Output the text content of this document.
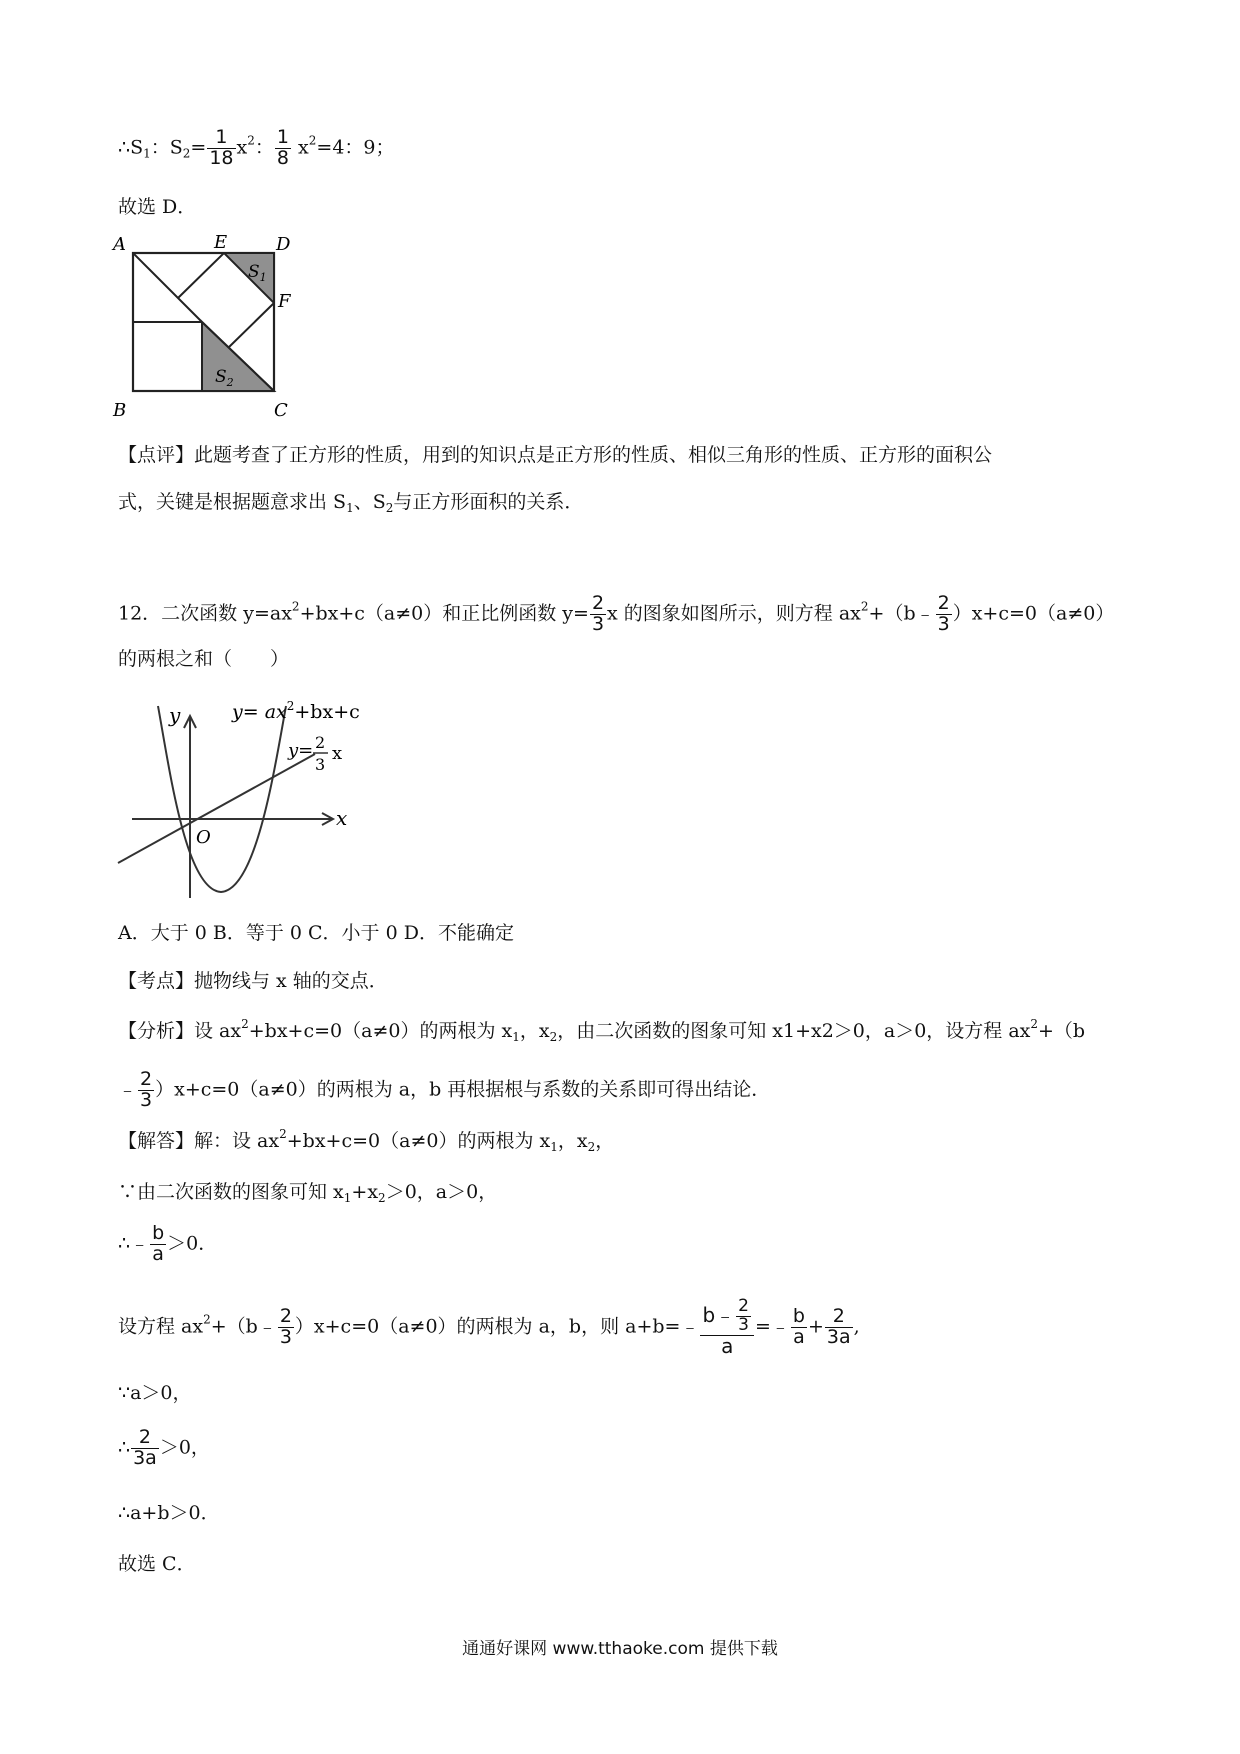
$\therefore S_1$：$S_2= \frac{1}{18} x^2$： $\frac{1}{8} x^2=4$：9；
故选 D．
A	E	D
F
B	C
$S_1$
$S_2$
【点评】此题考查了正方形的性质，用到的知识点是正方形的性质、相似三角形的性质、正方形的面积公
式，关键是根据题意求出 $S_1$、$S_2$与正方形面积的关系．
12．二次函数 $y=ax^2+bx+c(a\ne 0)$和正比例函数 $y= \frac{2}{3}$ x 的图象如图所示，则方程 $ax^2+(b﹣ \frac{2}{3} )x+c=0(a\ne 0)$
的两根之和（　　）
y
x
O
$y= ax^2+bx+c$
y= 2
3
x
A．大于 0 B．等于 0 C．小于 0 D．不能确定
【考点】抛物线与 x 轴的交点．
【分析】设 $ax^2+bx+c=0(a\ne 0)$的两根为 $x_1$，$x_2$，由二次函数的图象可知 x1+x2＞0，a＞0，设方程 $ax^2+(b$
﹣ $\frac{2}{3} )x+c=0(a\ne 0)$的两根为 a，b 再根据根与系数的关系即可得出结论．
【解答】解：设 $ax^2+bx+c=0(a\ne 0)$的两根为 $x_1$，$x_2$，
∵由二次函数的图象可知 $x_1+x_2>0$，a＞0，
∴﹣ $\frac{b}{a} >0$．
设方程 $ax^2+(b﹣ \frac{2}{3} )x+c=0(a\ne 0)$的两根为 a，b，则 a+b=﹣ $\frac{b﹣ \frac{2}{3}}{a}$ =﹣ $\frac{b}{a} + \frac{2}{3a}$ ,
∵a＞0，
∴ $\frac{2}{3a} >0$，
∴a+b＞0．
故选 C．
通通好课网 www.tthaoke.com 提供下载
